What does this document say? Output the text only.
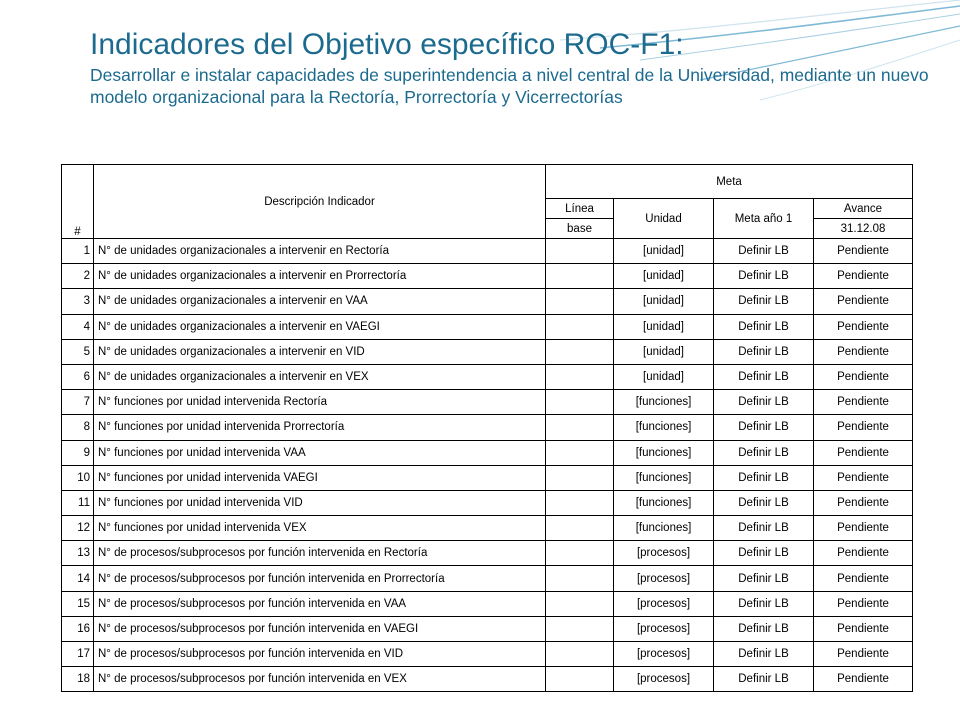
Indicadores del Objetivo específico ROC-F1:

Desarrollar e instalar capacidades de superintendencia a nivel central de la Universidad, mediante un nuevo modelo organizacional para la Rectoría, Prorrectoría y Vicerrectorías

#	Descripción Indicador	Meta			
		Línea	Unidad	Meta año 1	Avance
		base			31.12.08
1	N° de unidades organizacionales a intervenir en Rectoría		[unidad]	Definir LB	Pendiente
2	N° de unidades organizacionales a intervenir en Prorrectoría		[unidad]	Definir LB	Pendiente
3	N° de unidades organizacionales a intervenir en VAA		[unidad]	Definir LB	Pendiente
4	N° de unidades organizacionales a intervenir en VAEGI		[unidad]	Definir LB	Pendiente
5	N° de unidades organizacionales a intervenir en VID		[unidad]	Definir LB	Pendiente
6	N° de unidades organizacionales a intervenir en VEX		[unidad]	Definir LB	Pendiente
7	N° funciones por unidad intervenida Rectoría		[funciones]	Definir LB	Pendiente
8	N° funciones por unidad intervenida Prorrectoría		[funciones]	Definir LB	Pendiente
9	N° funciones por unidad intervenida VAA		[funciones]	Definir LB	Pendiente
10	N° funciones por unidad intervenida VAEGI		[funciones]	Definir LB	Pendiente
11	N° funciones por unidad intervenida VID		[funciones]	Definir LB	Pendiente
12	N° funciones por unidad intervenida VEX		[funciones]	Definir LB	Pendiente
13	N° de procesos/subprocesos por función intervenida en Rectoría		[procesos]	Definir LB	Pendiente
14	N° de procesos/subprocesos por función intervenida en Prorrectoría		[procesos]	Definir LB	Pendiente
15	N° de procesos/subprocesos por función intervenida en VAA		[procesos]	Definir LB	Pendiente
16	N° de procesos/subprocesos por función intervenida en VAEGI		[procesos]	Definir LB	Pendiente
17	N° de procesos/subprocesos por función intervenida en VID		[procesos]	Definir LB	Pendiente
18	N° de procesos/subprocesos por función intervenida en VEX		[procesos]	Definir LB	Pendiente
